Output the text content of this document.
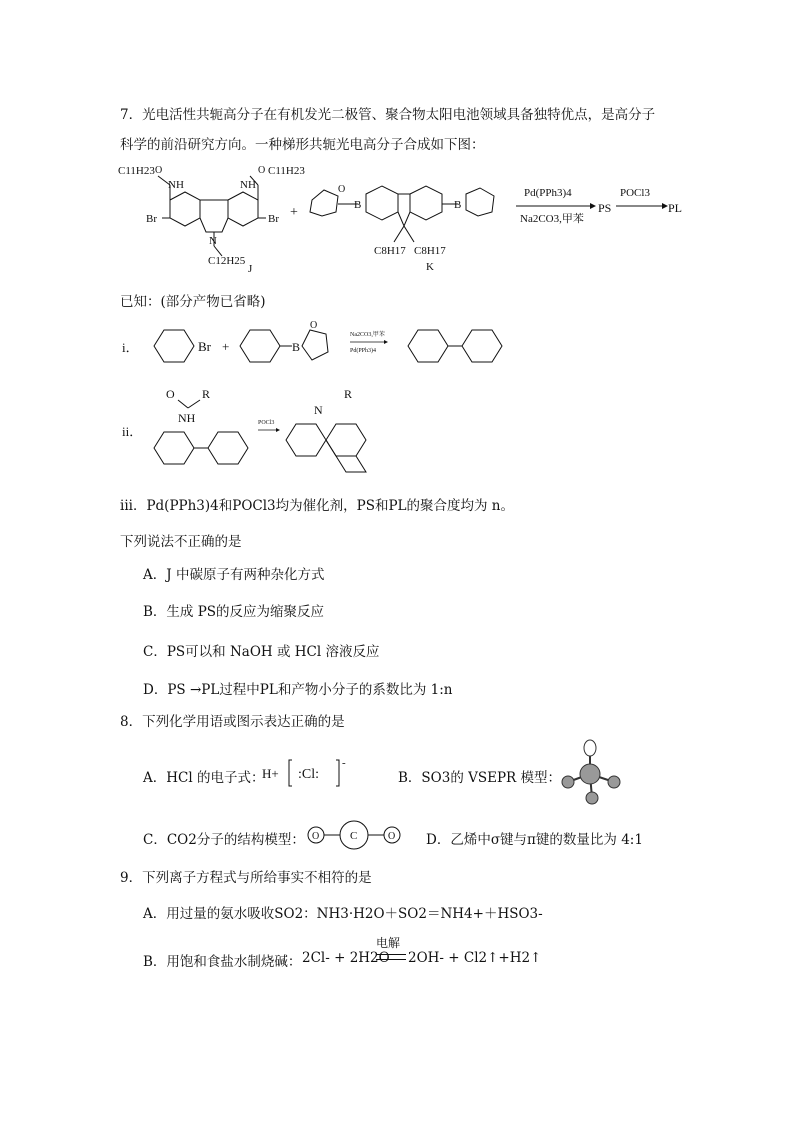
7．光电活性共轭高分子在有机发光二极管、聚合物太阳电池领域具备独特优点，是高分子
科学的前沿研究方向。一种梯形共轭光电高分子合成如下图：
C11H23	C11H23
O	O
NH	NH
Br	Br
N
C12H25
J
+	B	B
O
C8H17 C8H17
K
Pd(PPh3)4
Na2CO3,甲苯
PS
POCl3
PL
已知：(部分产物已省略)
i．	Br +	B
O
Na2CO3,甲苯
Pd(PPh3)4
ii．
O R
NH	POCl3
N
R
iii．Pd(PPh3)4和POCl3均为催化剂，PS和PL的聚合度均为 n。
下列说法不正确的是
A．J 中碳原子有两种杂化方式
B．生成 PS的反应为缩聚反应
C．PS可以和 NaOH 或 HCl 溶液反应
D．PS →PL过程中PL和产物小分子的系数比为 1:n
8．下列化学用语或图示表达正确的是
A．HCl 的电子式：
H+ :Cl:
-
B．SO3的 VSEPR 模型：
C．CO2分子的结构模型： O	C	O D．乙烯中σ键与π键的数量比为 4:1
9．下列离子方程式与所给事实不相符的是
A．用过量的氨水吸收SO2：NH3·H2O＋SO2＝NH4+＋HSO3-
B．用饱和食盐水制烧碱： 2Cl- + 2H2O
电解
2OH- + Cl2↑+H2↑
